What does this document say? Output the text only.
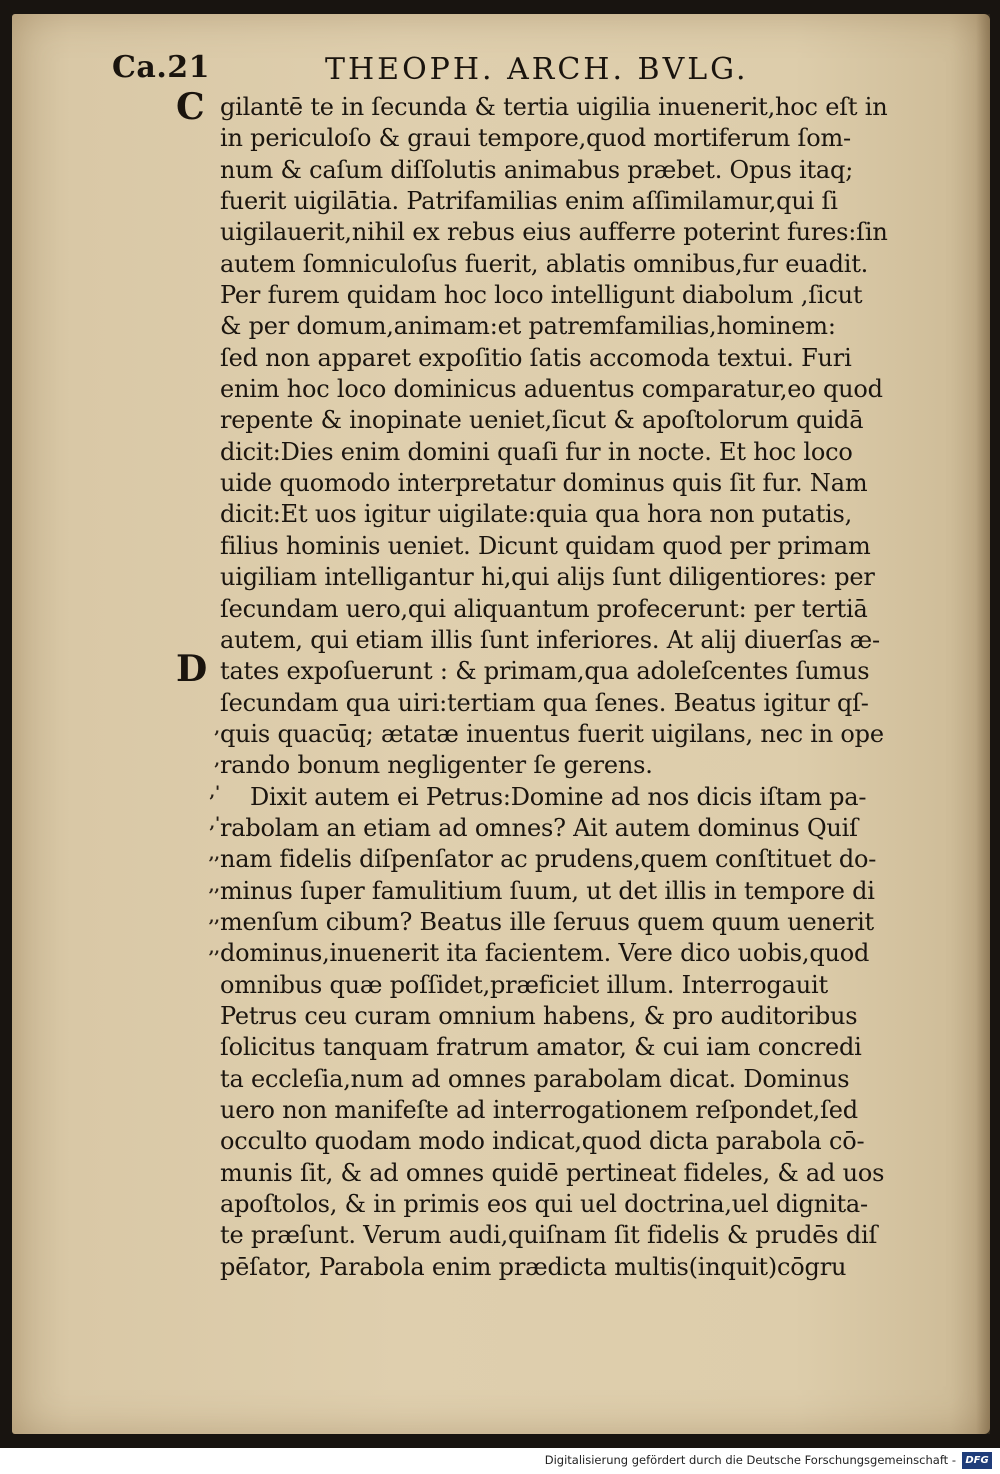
Ca.21	THEOPH. ARCH. BVLG.
C
D
,
,
,'
,'
,,
,,
,,
,,
gilantē te in ſecunda & tertia uigilia inuenerit,hoc eſt in
in periculoſo & graui tempore,quod mortiferum ſom-
num & caſum diſſolutis animabus præbet. Opus itaq;
fuerit uigilātia. Patrifamilias enim aſſimilamur,qui ſi
uigilauerit,nihil ex rebus eius aufferre poterint fures:ſin
autem ſomniculoſus fuerit, ablatis omnibus,fur euadit.
Per furem quidam hoc loco intelligunt diabolum ,ſicut
& per domum,animam:et patremfamilias,hominem:
ſed non apparet expoſitio ſatis accomoda textui. Furi
enim hoc loco dominicus aduentus comparatur,eo quod
repente & inopinate ueniet,ſicut & apoſtolorum quidā
dicit:Dies enim domini quaſi fur in nocte. Et hoc loco
uide quomodo interpretatur dominus quis ſit fur. Nam
dicit:Et uos igitur uigilate:quia qua hora non putatis,
filius hominis ueniet. Dicunt quidam quod per primam
uigiliam intelligantur hi,qui alijs ſunt diligentiores: per
ſecundam uero,qui aliquantum profecerunt: per tertiā
autem, qui etiam illis ſunt inferiores. At alij diuerſas æ-
tates expoſuerunt : & primam,qua adoleſcentes ſumus
ſecundam qua uiri:tertiam qua ſenes. Beatus igitur qſ-
quis quacūq; ætatæ inuentus fuerit uigilans, nec in ope
rando bonum negligenter ſe gerens.
Dixit autem ei Petrus:Domine ad nos dicis iſtam pa-
rabolam an etiam ad omnes? Ait autem dominus Quiſ
nam fidelis diſpenſator ac prudens,quem conſtituet do-
minus ſuper famulitium ſuum, ut det illis in tempore di
menſum cibum? Beatus ille ſeruus quem quum uenerit
dominus,inuenerit ita facientem. Vere dico uobis,quod
omnibus quæ poſſidet,præficiet illum. Interrogauit
Petrus ceu curam omnium habens, & pro auditoribus
ſolicitus tanquam fratrum amator, & cui iam concredi
ta eccleſia,num ad omnes parabolam dicat. Dominus
uero non manifeſte ad interrogationem reſpondet,ſed
occulto quodam modo indicat,quod dicta parabola cō-
munis ſit, & ad omnes quidē pertineat fideles, & ad uos
apoſtolos, & in primis eos qui uel doctrina,uel dignita-
te præſunt. Verum audi,quiſnam ſit fidelis & prudēs diſ
pēſator, Parabola enim prædicta multis(inquit)cōgru
Digitalisierung gefördert durch die Deutsche Forschungsgemeinschaft - DFG
